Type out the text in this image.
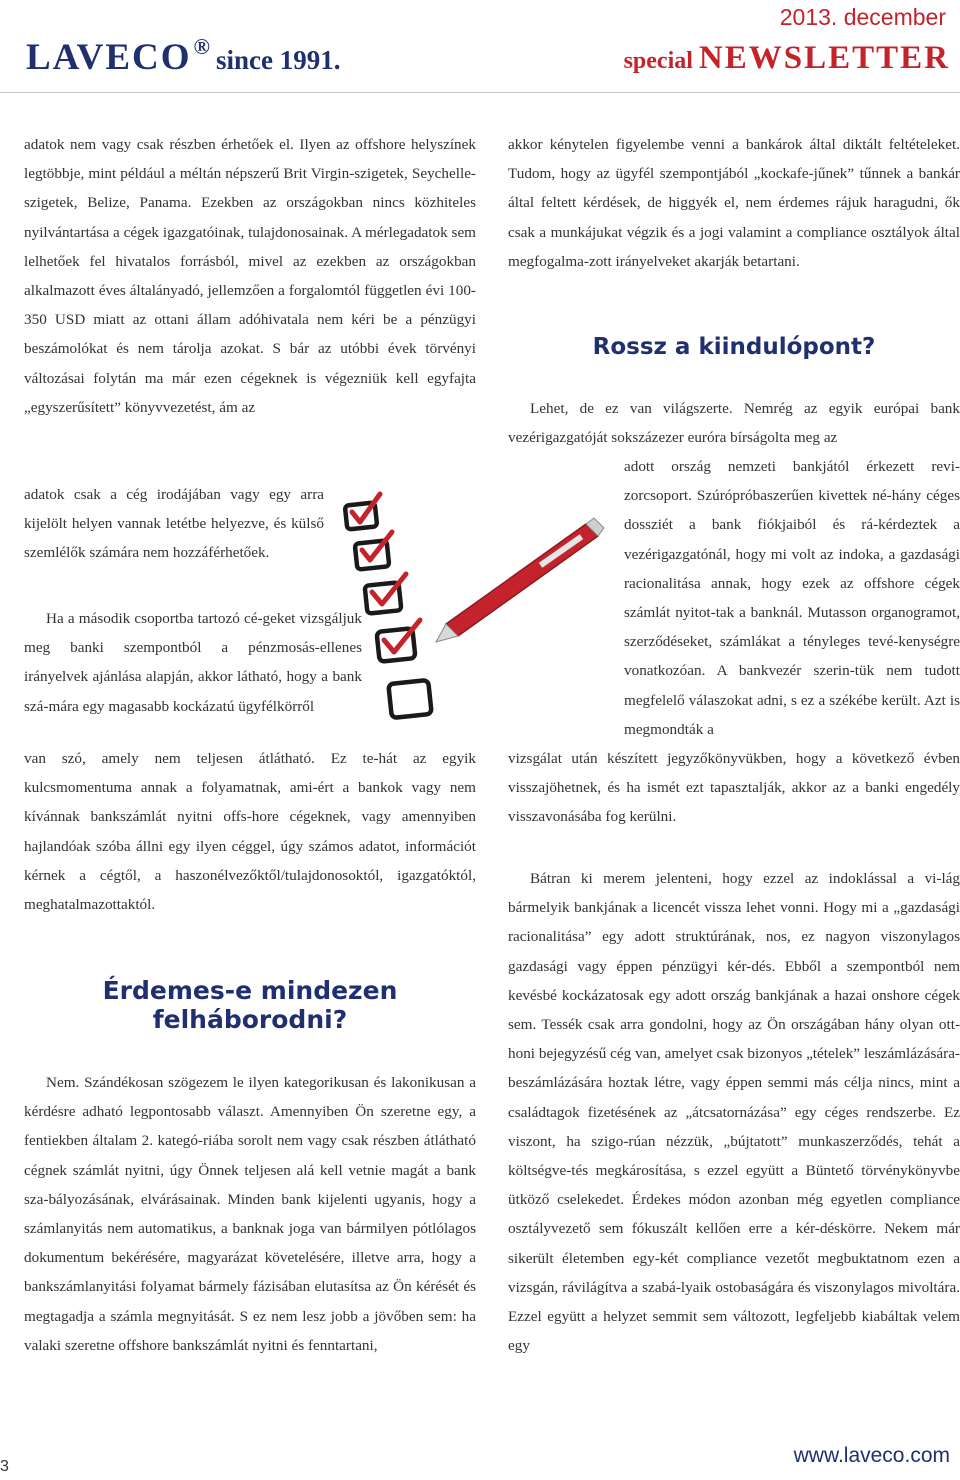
LAVECO® since 1991.
2013. december
special NEWSLETTER

adatok nem vagy csak részben érhetőek el. Ilyen az offshore helyszínek legtöbbje, mint például a méltán népszerű Brit Virgin-szigetek, Seychelle-szigetek, Belize, Panama. Ezekben az országokban nincs közhiteles nyilvántartása a cégek igazgatóinak, tulajdonosainak. A mérlegadatok sem lelhetőek fel hivatalos forrásból, mivel az ezekben az országokban alkalmazott éves általányadó, jellemzően a forgalomtól független évi 100-350 USD miatt az ottani állam adóhivatala nem kéri be a pénzügyi beszámolókat és nem tárolja azokat. S bár az utóbbi évek törvényi változásai folytán ma már ezen cégeknek is végezniük kell egyfajta „egyszerűsített” könyvvezetést, ám az

adatok csak a cég irodájában vagy egy arra kijelölt helyen vannak letétbe helyezve, és külső szemlélők számára nem hozzáférhetőek.

Ha a második csoportba tartozó cé-geket vizsgáljuk meg banki szempontból a pénzmosás-ellenes irányelvek ajánlása alapján, akkor látható, hogy a bank szá-mára egy magasabb kockázatú ügyfélkörről

van szó, amely nem teljesen átlátható. Ez te-hát az egyik kulcsmomentuma annak a folyamatnak, ami-ért a bankok vagy nem kívánnak bankszámlát nyitni offs-hore cégeknek, vagy amennyiben hajlandóak szóba állni egy ilyen céggel, úgy számos adatot, információt kérnek a cégtől, a haszonélvezőktől/tulajdonosoktól, igazgatóktól, meghatalmazottaktól.

Érdemes-e mindezen felháborodni?

Nem. Szándékosan szögezem le ilyen kategorikusan és lakonikusan a kérdésre adható legpontosabb választ. Amennyiben Ön szeretne egy, a fentiekben általam 2. kategó-riába sorolt nem vagy csak részben átlátható cégnek számlát nyitni, úgy Önnek teljesen alá kell vetnie magát a bank sza-bályozásának, elvárásainak. Minden bank kijelenti ugyanis, hogy a számlanyitás nem automatikus, a banknak joga van bármilyen pótlólagos dokumentum bekérésére, magyarázat követelésére, illetve arra, hogy a bankszámlanyitási folyamat bármely fázisában elutasítsa az Ön kérését és megtagadja a számla megnyitását. S ez nem lesz jobb a jövőben sem: ha valaki szeretne offshore bankszámlát nyitni és fenntartani,

akkor kénytelen figyelembe venni a bankárok által diktált feltételeket. Tudom, hogy az ügyfél szempontjából „kockafe-jűnek” tűnnek a bankár által feltett kérdések, de higgyék el, nem érdemes rájuk haragudni, ők csak a munkájukat végzik és a jogi valamint a compliance osztályok által megfogalma-zott irányelveket akarják betartani.

Rossz a kiindulópont?

Lehet, de ez van világszerte. Nemrég az egyik európai bank vezérigazgatóját sokszázezer euróra bírságolta meg az

adott ország nemzeti bankjától érkezett revi-zorcsoport. Szúrópróbaszerűen kivettek né-hány céges dossziét a bank fiókjaiból és rá-kérdeztek a vezérigazgatónál, hogy mi volt az indoka, a gazdasági racionalitása annak, hogy ezek az offshore cégek számlát nyitot-tak a banknál. Mutasson organogramot, szerződéseket, számlákat a tényleges tevé-kenységre vonatkozóan. A bankvezér szerin-tük nem tudott megfelelő válaszokat adni, s ez a székébe került. Azt is megmondták a

vizsgálat után készített jegyzőkönyvükben, hogy a következő évben visszajöhetnek, és ha ismét ezt tapasztalják, akkor az a banki engedély visszavonásába fog kerülni.

Bátran ki merem jelenteni, hogy ezzel az indoklással a vi-lág bármelyik bankjának a licencét vissza lehet vonni. Hogy mi a „gazdasági racionalitása” egy adott struktúrának, nos, ez nagyon viszonylagos gazdasági vagy éppen pénzügyi kér-dés. Ebből a szempontból nem kevésbé kockázatosak egy adott ország bankjának a hazai onshore cégek sem. Tessék csak arra gondolni, hogy az Ön országában hány olyan ott-honi bejegyzésű cég van, amelyet csak bizonyos „tételek” leszámlázására-beszámlázására hoztak létre, vagy éppen semmi más célja nincs, mint a családtagok fizetésének az „átcsatornázása” egy céges rendszerbe. Ez viszont, ha szigo-rúan nézzük, „bújtatott” munkaszerződés, tehát a költségve-tés megkárosítása, s ezzel együtt a Büntető törvénykönyvbe ütköző cselekedet. Érdekes módon azonban még egyetlen compliance osztályvezető sem fókuszált kellően erre a kér-déskörre. Nekem már sikerült életemben egy-két compliance vezetőt megbuktatnom ezen a vizsgán, rávilágítva a szabá-lyaik ostobaságára és viszonylagos mivoltára. Ezzel együtt a helyzet semmit sem változott, legfeljebb kiabáltak velem egy

www.laveco.com
3
